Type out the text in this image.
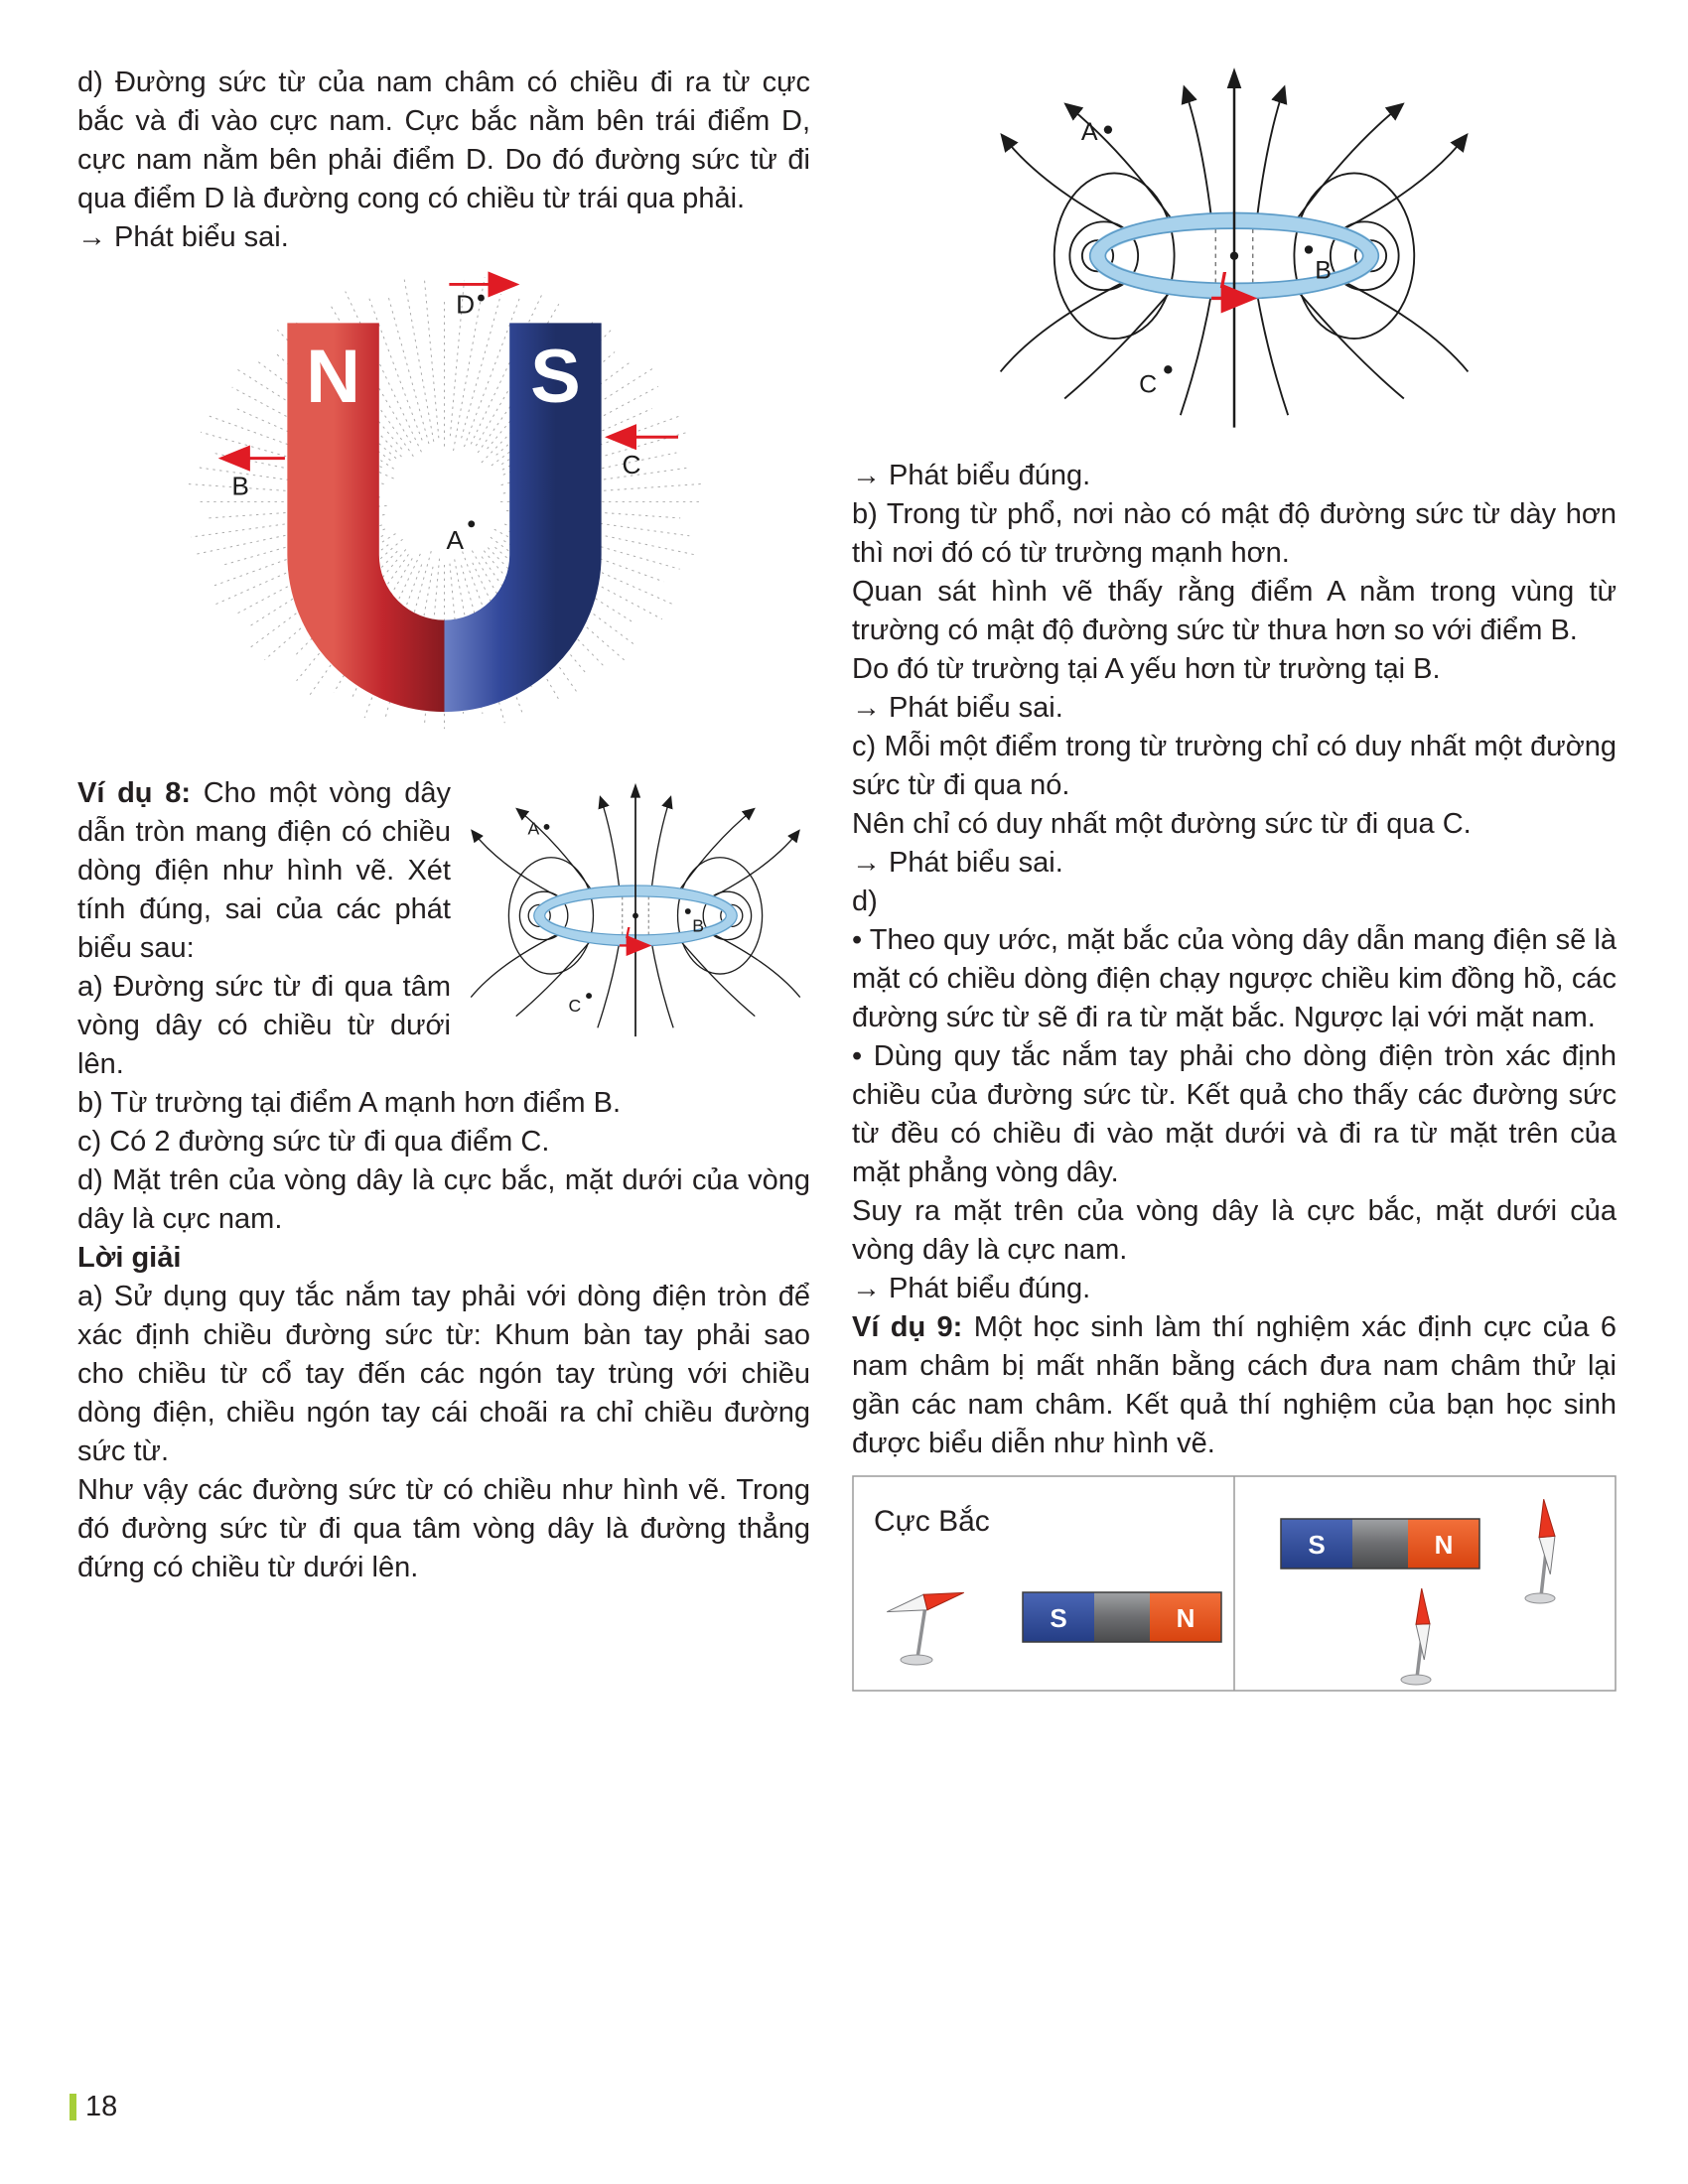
d) Đường sức từ của nam châm có chiều đi ra từ cực bắc và đi vào cực nam. Cực bắc nằm bên trái điểm D, cực nam nằm bên phải điểm D. Do đó đường sức từ đi qua điểm D là đường cong có chiều từ trái qua phải.

→ Phát biểu sai.

N S
D
B
C
A

Ví dụ 8: Cho một vòng dây dẫn tròn mang điện có chiều dòng điện như hình vẽ. Xét tính đúng, sai của các phát biểu sau:

a) Đường sức từ đi qua tâm vòng dây có chiều từ dưới lên.

b) Từ trường tại điểm A mạnh hơn điểm B.

c) Có 2 đường sức từ đi qua điểm C.

d) Mặt trên của vòng dây là cực bắc, mặt dưới của vòng dây là cực nam.

Lời giải

a) Sử dụng quy tắc nắm tay phải với dòng điện tròn để xác định chiều đường sức từ: Khum bàn tay phải sao cho chiều từ cổ tay đến các ngón tay trùng với chiều dòng điện, chiều ngón tay cái choãi ra chỉ chiều đường sức từ.

Như vậy các đường sức từ có chiều như hình vẽ. Trong đó đường sức từ đi qua tâm vòng dây là đường thẳng đứng có chiều từ dưới lên.

→ Phát biểu đúng.

b) Trong từ phổ, nơi nào có mật độ đường sức từ dày hơn thì nơi đó có từ trường mạnh hơn.

Quan sát hình vẽ thấy rằng điểm A nằm trong vùng từ trường có mật độ đường sức từ thưa hơn so với điểm B.

Do đó từ trường tại A yếu hơn từ trường tại B.

→ Phát biểu sai.

c) Mỗi một điểm trong từ trường chỉ có duy nhất một đường sức từ đi qua nó.

Nên chỉ có duy nhất một đường sức từ đi qua C.

→ Phát biểu sai.

d)

• Theo quy ước, mặt bắc của vòng dây dẫn mang điện sẽ là mặt có chiều dòng điện chạy ngược chiều kim đồng hồ, các đường sức từ sẽ đi ra từ mặt bắc. Ngược lại với mặt nam.

• Dùng quy tắc nắm tay phải cho dòng điện tròn xác định chiều của đường sức từ. Kết quả cho thấy các đường sức từ đều có chiều đi vào mặt dưới và đi ra từ mặt trên của mặt phẳng vòng dây.

Suy ra mặt trên của vòng dây là cực bắc, mặt dưới của vòng dây là cực nam.

→ Phát biểu đúng.

Ví dụ 9: Một học sinh làm thí nghiệm xác định cực của 6 nam châm bị mất nhãn bằng cách đưa nam châm thử lại gần các nam châm. Kết quả thí nghiệm của bạn học sinh được biểu diễn như hình vẽ.

Cực Bắc
S	N
S	N
18
